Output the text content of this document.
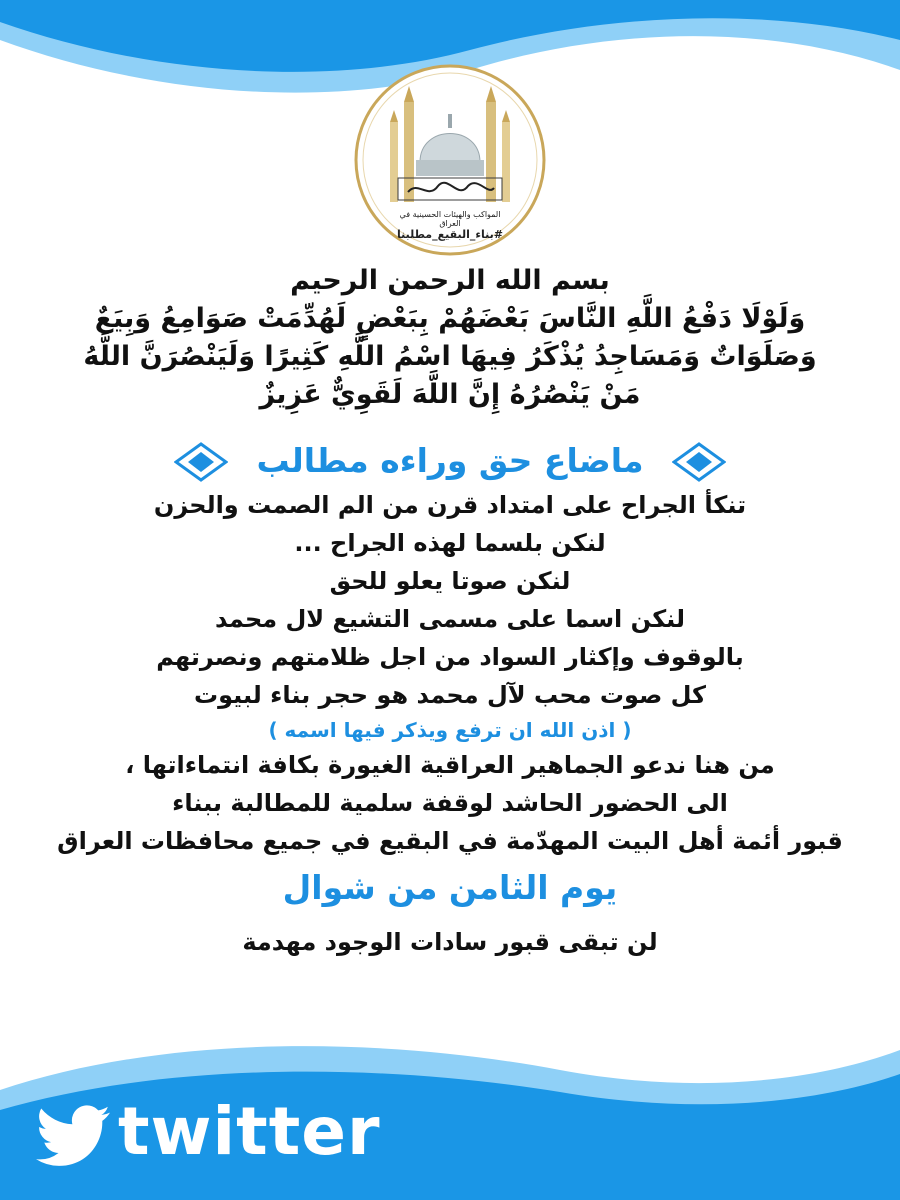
المواكب والهيئات الحسينية في العراق
#بناء_البقيع_مطلبنا

بسم الله الرحمن الرحيم

وَلَوْلَا دَفْعُ اللَّهِ النَّاسَ بَعْضَهُمْ بِبَعْضٍ لَهُدِّمَتْ صَوَامِعُ وَبِيَعٌ

وَصَلَوَاتٌ وَمَسَاجِدُ يُذْكَرُ فِيهَا اسْمُ اللَّهِ كَثِيرًا وَلَيَنْصُرَنَّ اللَّهُ

مَنْ يَنْصُرُهُ إِنَّ اللَّهَ لَقَوِيٌّ عَزِيزٌ

ماضاع حق وراءه مطالب

تنكأ الجراح على امتداد قرن من الم الصمت والحزن

لنكن بلسما لهذه الجراح ...

لنكن صوتا يعلو للحق

لنكن اسما على مسمى التشيع لال محمد

بالوقوف وإكثار السواد من اجل ظلامتهم ونصرتهم

كل صوت محب لآل محمد هو حجر بناء لبيوت

( اذن الله ان ترفع ويذكر فيها اسمه )

من هنا ندعو الجماهير العراقية الغيورة بكافة انتماءاتها ،

الى الحضور الحاشد لوقفة سلمية للمطالبة ببناء

قبور أئمة أهل البيت المهدّمة في البقيع في جميع محافظات العراق

يوم الثامن من شوال

لن تبقى قبور سادات الوجود مهدمة

twitter
